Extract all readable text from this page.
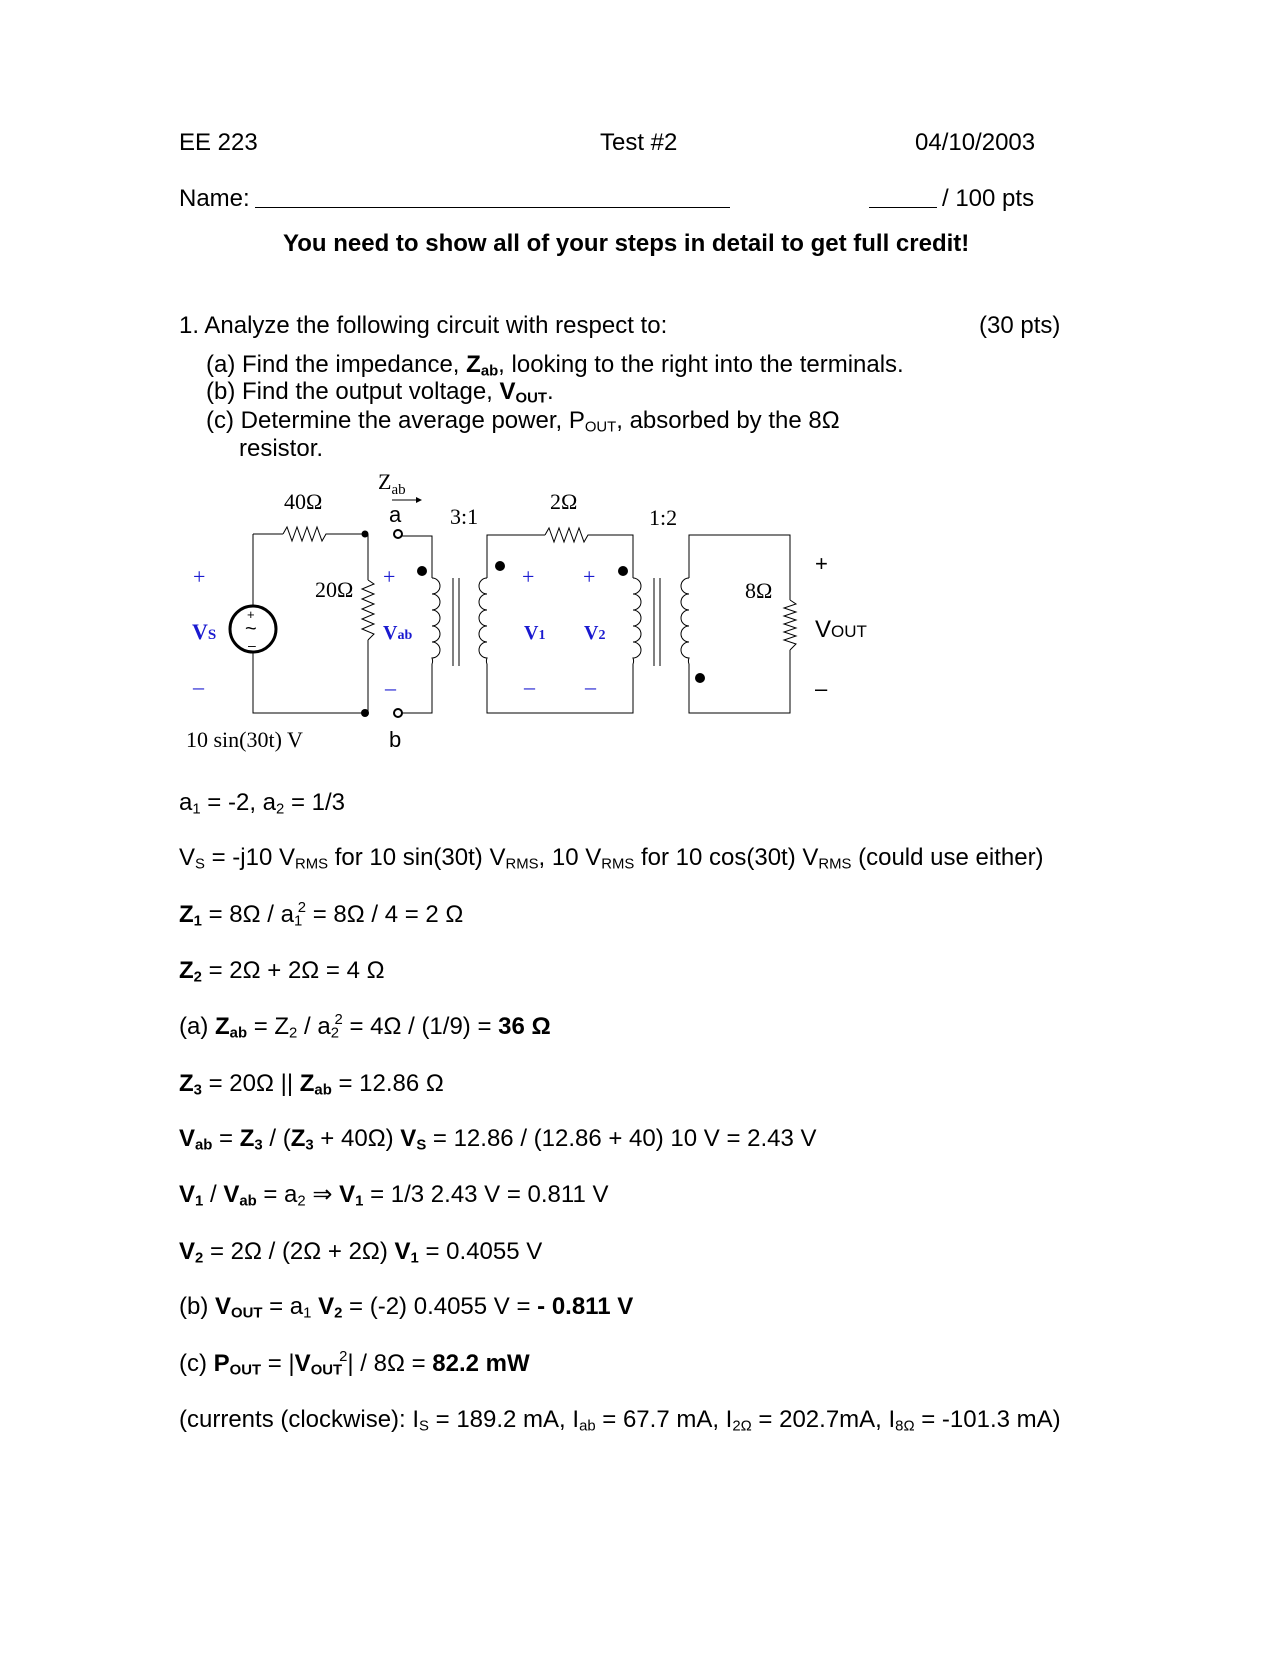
EE 223	Test #2	04/10/2003
Name:	/ 100 pts
You need to show all of your steps in detail to get full credit!
1. Analyze the following circuit with respect to:	(30 pts)
(a) Find the impedance, $Z_{ab}$, looking to the right into the terminals.
(b) Find the output voltage, $V_{OUT}$.
(c) Determine the average power, $P_{OUT}$, absorbed by the 8Ω
resistor.
40Ω
20Ω
2Ω
8Ω
$Z_{ab}$
3:1	1:2
a
b
10 sin(30t) V
+
VS
–
+
~
–
+
Vab
–
+
V1
–
+
V2
–
+
VOUT
–
$a_1 = -2$, $a_2 = 1/3$
$V_S = -j10$ $V_{RMS}$ for 10 sin(30t) $V_{RMS}$, 10 $V_{RMS}$ for 10 cos(30t) $V_{RMS}$ (could use either)
$Z_1 = 8\Omega / a_1^2 = 8\Omega / 4 = 2$ Ω
$Z_2 = 2\Omega + 2\Omega = 4$ Ω
(a) $Z_{ab} = Z_2 / a_2^2 = 4\Omega / (1/9) = 36$ Ω
$Z_3 = 20\Omega$ || $Z_{ab} = 12.86$ Ω
$V_{ab} = Z_3 / (Z_3 + 40\Omega) V_S = 12.86 / (12.86 + 40)$ 10 V = 2.43 V
$V_1 / V_{ab} = a_2$ ⇒ $V_1 = 1/3$ 2.43 V = 0.811 V
$V_2 = 2\Omega / (2\Omega + 2\Omega) V_1 = 0.4055$ V
(b) $V_{OUT} = a_1$ $V_2 = (-2)$ 0.4055 V = - 0.811 V
(c) $P_{OUT} = |V_{OUT}^2| / 8\Omega = 82.2$ mW
(currents (clockwise): $I_S = 189.2$ mA, $I_{ab} = 67.7$ mA, $I_{2\Omega} = 202.7mA$, $I_{8\Omega} = -101.3$ mA)
